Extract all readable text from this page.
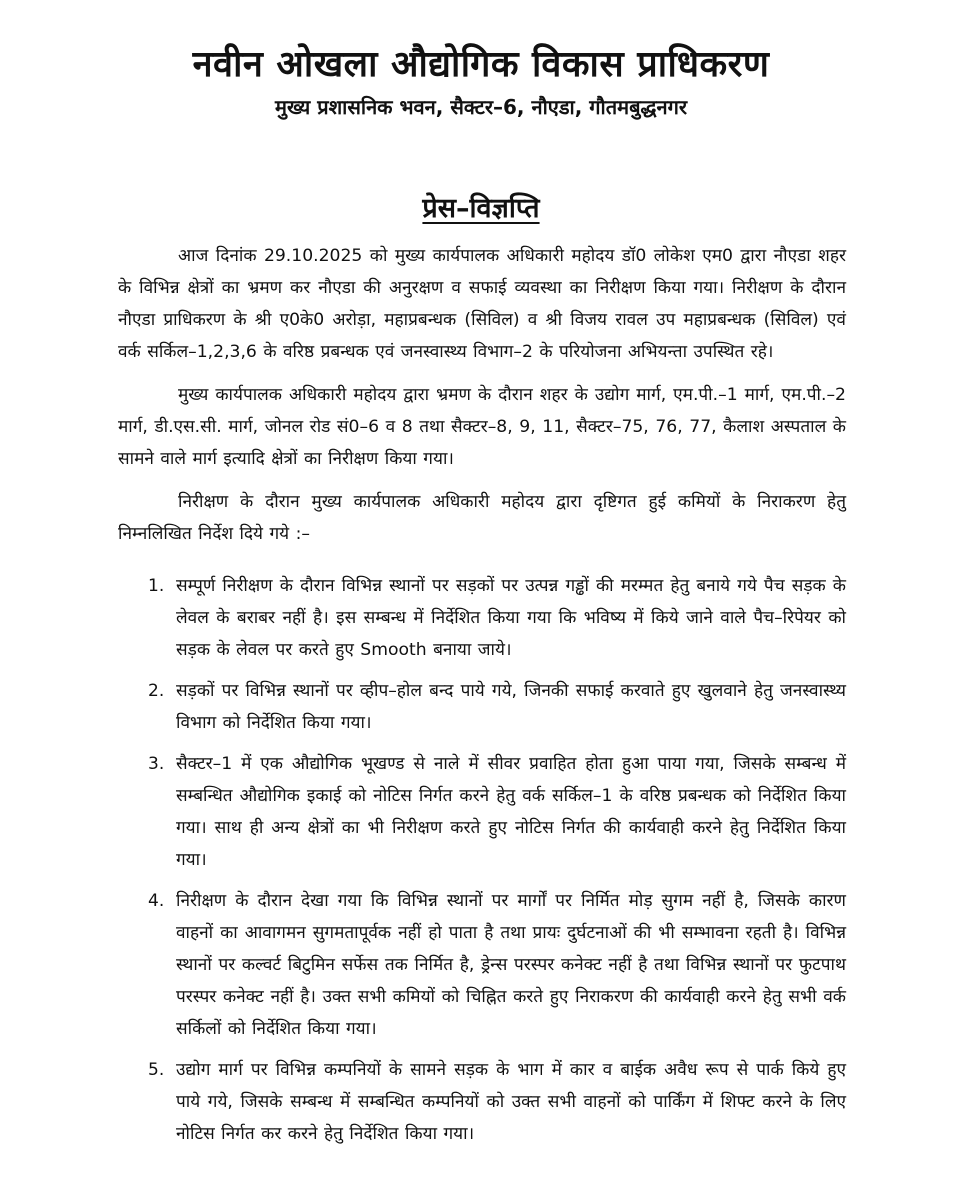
नवीन ओखला औद्योगिक विकास प्राधिकरण
मुख्य प्रशासनिक भवन, सैक्टर–6, नौएडा, गौतमबुद्धनगर
प्रेस–विज्ञप्ति

आज दिनांक 29.10.2025 को मुख्य कार्यपालक अधिकारी महोदय डॉ0 लोकेश एम0 द्वारा नौएडा शहर के विभिन्न क्षेत्रों का भ्रमण कर नौएडा की अनुरक्षण व सफाई व्यवस्था का निरीक्षण किया गया। निरीक्षण के दौरान नौएडा प्राधिकरण के श्री ए0के0 अरोड़ा, महाप्रबन्धक (सिविल) व श्री विजय रावल उप महाप्रबन्धक (सिविल) एवं वर्क सर्किल–1,2,3,6 के वरिष्ठ प्रबन्धक एवं जनस्वास्थ्य विभाग–2 के परियोजना अभियन्ता उपस्थित रहे।

मुख्य कार्यपालक अधिकारी महोदय द्वारा भ्रमण के दौरान शहर के उद्योग मार्ग, एम.पी.–1 मार्ग, एम.पी.–2 मार्ग, डी.एस.सी. मार्ग, जोनल रोड सं0–6 व 8 तथा सैक्टर–8, 9, 11, सैक्टर–75, 76, 77, कैलाश अस्पताल के सामने वाले मार्ग इत्यादि क्षेत्रों का निरीक्षण किया गया।

निरीक्षण के दौरान मुख्य कार्यपालक अधिकारी महोदय द्वारा दृष्टिगत हुई कमियों के निराकरण हेतु निम्नलिखित निर्देश दिये गये :–

1. सम्पूर्ण निरीक्षण के दौरान विभिन्न स्थानों पर सड़कों पर उत्पन्न गड्ढों की मरम्मत हेतु बनाये गये पैच सड़क के लेवल के बराबर नहीं है। इस सम्बन्ध में निर्देशित किया गया कि भविष्य में किये जाने वाले पैच–रिपेयर को सड़क के लेवल पर करते हुए Smooth बनाया जाये।
2. सड़कों पर विभिन्न स्थानों पर व्हीप–होल बन्द पाये गये, जिनकी सफाई करवाते हुए खुलवाने हेतु जनस्वास्थ्य विभाग को निर्देशित किया गया।
3. सैक्टर–1 में एक औद्योगिक भूखण्ड से नाले में सीवर प्रवाहित होता हुआ पाया गया, जिसके सम्बन्ध में सम्बन्धित औद्योगिक इकाई को नोटिस निर्गत करने हेतु वर्क सर्किल–1 के वरिष्ठ प्रबन्धक को निर्देशित किया गया। साथ ही अन्य क्षेत्रों का भी निरीक्षण करते हुए नोटिस निर्गत की कार्यवाही करने हेतु निर्देशित किया गया।
4. निरीक्षण के दौरान देखा गया कि विभिन्न स्थानों पर मार्गों पर निर्मित मोड़ सुगम नहीं है, जिसके कारण वाहनों का आवागमन सुगमतापूर्वक नहीं हो पाता है तथा प्रायः दुर्घटनाओं की भी सम्भावना रहती है। विभिन्न स्थानों पर कल्वर्ट बिटुमिन सर्फेस तक निर्मित है, ड्रेन्स परस्पर कनेक्ट नहीं है तथा विभिन्न स्थानों पर फुटपाथ परस्पर कनेक्ट नहीं है। उक्त सभी कमियों को चिह्नित करते हुए निराकरण की कार्यवाही करने हेतु सभी वर्क सर्किलों को निर्देशित किया गया।
5. उद्योग मार्ग पर विभिन्न कम्पनियों के सामने सड़क के भाग में कार व बाईक अवैध रूप से पार्क किये हुए पाये गये, जिसके सम्बन्ध में सम्बन्धित कम्पनियों को उक्त सभी वाहनों को पार्किंग में शिफ्ट करने के लिए नोटिस निर्गत कर करने हेतु निर्देशित किया गया।
